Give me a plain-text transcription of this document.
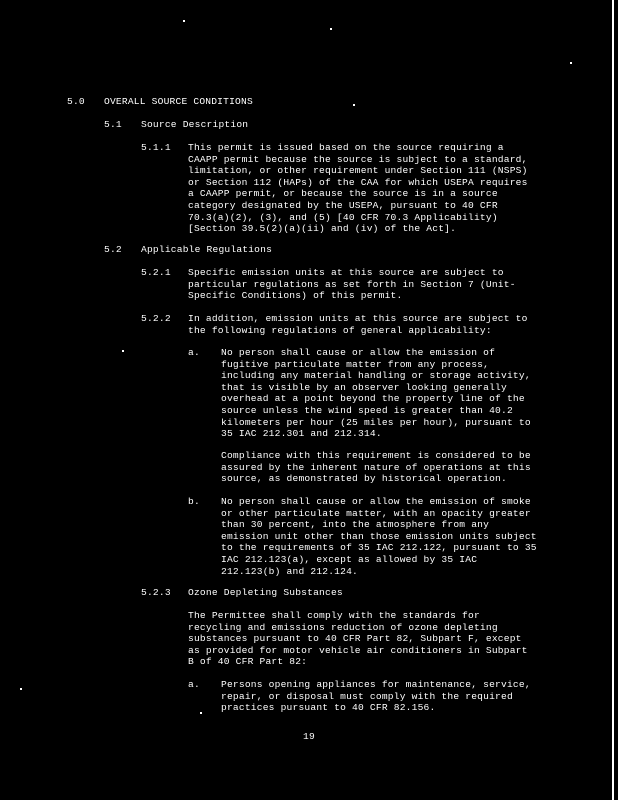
5.0 OVERALL SOURCE CONDITIONS
5.1 Source Description
5.1.1 This permit is issued based on the source requiring a
CAAPP permit because the source is subject to a standard,
limitation, or other requirement under Section 111 (NSPS)
or Section 112 (HAPs) of the CAA for which USEPA requires
a CAAPP permit, or because the source is in a source
category designated by the USEPA, pursuant to 40 CFR
70.3(a)(2), (3), and (5) [40 CFR 70.3 Applicability)
[Section 39.5(2)(a)(ii) and (iv) of the Act].
5.2 Applicable Regulations
5.2.1 Specific emission units at this source are subject to
particular regulations as set forth in Section 7 (Unit-
Specific Conditions) of this permit.
5.2.2 In addition, emission units at this source are subject to
the following regulations of general applicability:
a. No person shall cause or allow the emission of
fugitive particulate matter from any process,
including any material handling or storage activity,
that is visible by an observer looking generally
overhead at a point beyond the property line of the
source unless the wind speed is greater than 40.2
kilometers per hour (25 miles per hour), pursuant to
35 IAC 212.301 and 212.314.
Compliance with this requirement is considered to be
assured by the inherent nature of operations at this
source, as demonstrated by historical operation.
b. No person shall cause or allow the emission of smoke
or other particulate matter, with an opacity greater
than 30 percent, into the atmosphere from any
emission unit other than those emission units subject
to the requirements of 35 IAC 212.122, pursuant to 35
IAC 212.123(a), except as allowed by 35 IAC
212.123(b) and 212.124.
5.2.3 Ozone Depleting Substances
The Permittee shall comply with the standards for
recycling and emissions reduction of ozone depleting
substances pursuant to 40 CFR Part 82, Subpart F, except
as provided for motor vehicle air conditioners in Subpart
B of 40 CFR Part 82:
a. Persons opening appliances for maintenance, service,
repair, or disposal must comply with the required
practices pursuant to 40 CFR 82.156.
19
